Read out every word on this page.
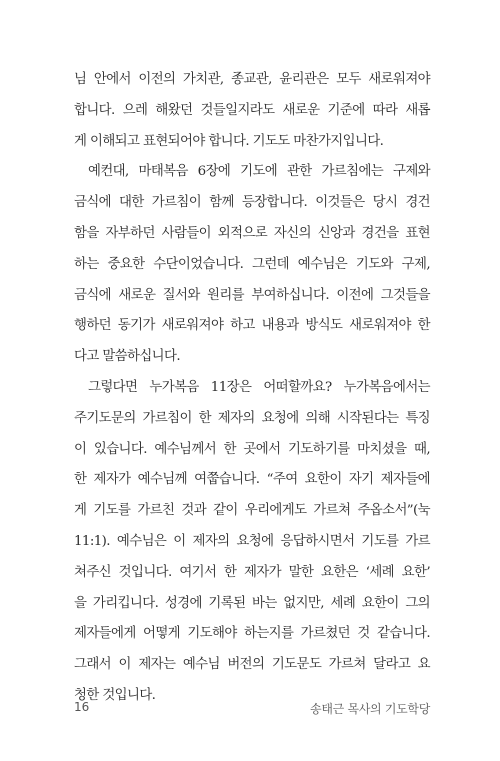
님 안에서 이전의 가치관, 종교관, 윤리관은 모두 새로워져야
합니다. 으레 해왔던 것들일지라도 새로운 기준에 따라 새롭
게 이해되고 표현되어야 합니다. 기도도 마찬가지입니다.
예컨대, 마태복음 6장에 기도에 관한 가르침에는 구제와
금식에 대한 가르침이 함께 등장합니다. 이것들은 당시 경건
함을 자부하던 사람들이 외적으로 자신의 신앙과 경건을 표현
하는 중요한 수단이었습니다. 그런데 예수님은 기도와 구제,
금식에 새로운 질서와 원리를 부여하십니다. 이전에 그것들을
행하던 동기가 새로워져야 하고 내용과 방식도 새로워져야 한
다고 말씀하십니다.
그렇다면 누가복음 11장은 어떠할까요? 누가복음에서는
주기도문의 가르침이 한 제자의 요청에 의해 시작된다는 특징
이 있습니다. 예수님께서 한 곳에서 기도하기를 마치셨을 때,
한 제자가 예수님께 여쭙습니다. “주여 요한이 자기 제자들에
게 기도를 가르친 것과 같이 우리에게도 가르쳐 주옵소서”(눅
11:1). 예수님은 이 제자의 요청에 응답하시면서 기도를 가르
쳐주신 것입니다. 여기서 한 제자가 말한 요한은 ‘세례 요한’
을 가리킵니다. 성경에 기록된 바는 없지만, 세례 요한이 그의
제자들에게 어떻게 기도해야 하는지를 가르쳤던 것 같습니다.
그래서 이 제자는 예수님 버전의 기도문도 가르쳐 달라고 요
청한 것입니다.
16	송태근 목사의 기도학당
